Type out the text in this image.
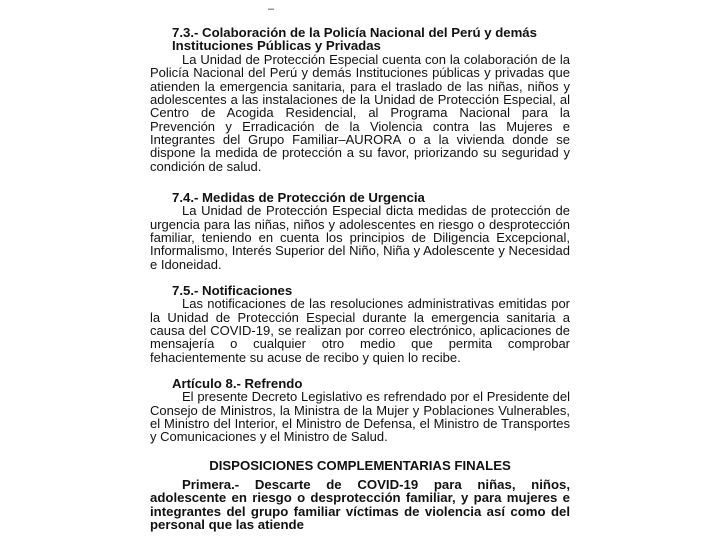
–

7.3.- Colaboración de la Policía Nacional del Perú y demás Instituciones Públicas y Privadas

La Unidad de Protección Especial cuenta con la colaboración de la Policía Nacional del Perú y demás Instituciones públicas y privadas que atienden la emergencia sanitaria, para el traslado de las niñas, niños y adolescentes a las instalaciones de la Unidad de Protección Especial, al Centro de Acogida Residencial, al Programa Nacional para la Prevención y Erradicación de la Violencia contra las Mujeres e Integrantes del Grupo Familiar–AURORA o a la vivienda donde se dispone la medida de protección a su favor, priorizando su seguridad y condición de salud.

7.4.- Medidas de Protección de Urgencia

La Unidad de Protección Especial dicta medidas de protección de urgencia para las niñas, niños y adolescentes en riesgo o desprotección familiar, teniendo en cuenta los principios de Diligencia Excepcional, Informalismo, Interés Superior del Niño, Niña y Adolescente y Necesidad e Idoneidad.

7.5.- Notificaciones

Las notificaciones de las resoluciones administrativas emitidas por la Unidad de Protección Especial durante la emergencia sanitaria a causa del COVID-19, se realizan por correo electrónico, aplicaciones de mensajería o cualquier otro medio que permita comprobar fehacientemente su acuse de recibo y quien lo recibe.

Artículo 8.- Refrendo

El presente Decreto Legislativo es refrendado por el Presidente del Consejo de Ministros, la Ministra de la Mujer y Poblaciones Vulnerables, el Ministro del Interior, el Ministro de Defensa, el Ministro de Transportes y Comunicaciones y el Ministro de Salud.

DISPOSICIONES COMPLEMENTARIAS FINALES

Primera.- Descarte de COVID-19 para niñas, niños, adolescente en riesgo o desprotección familiar, y para mujeres e integrantes del grupo familiar víctimas de violencia así como del personal que las atiende
